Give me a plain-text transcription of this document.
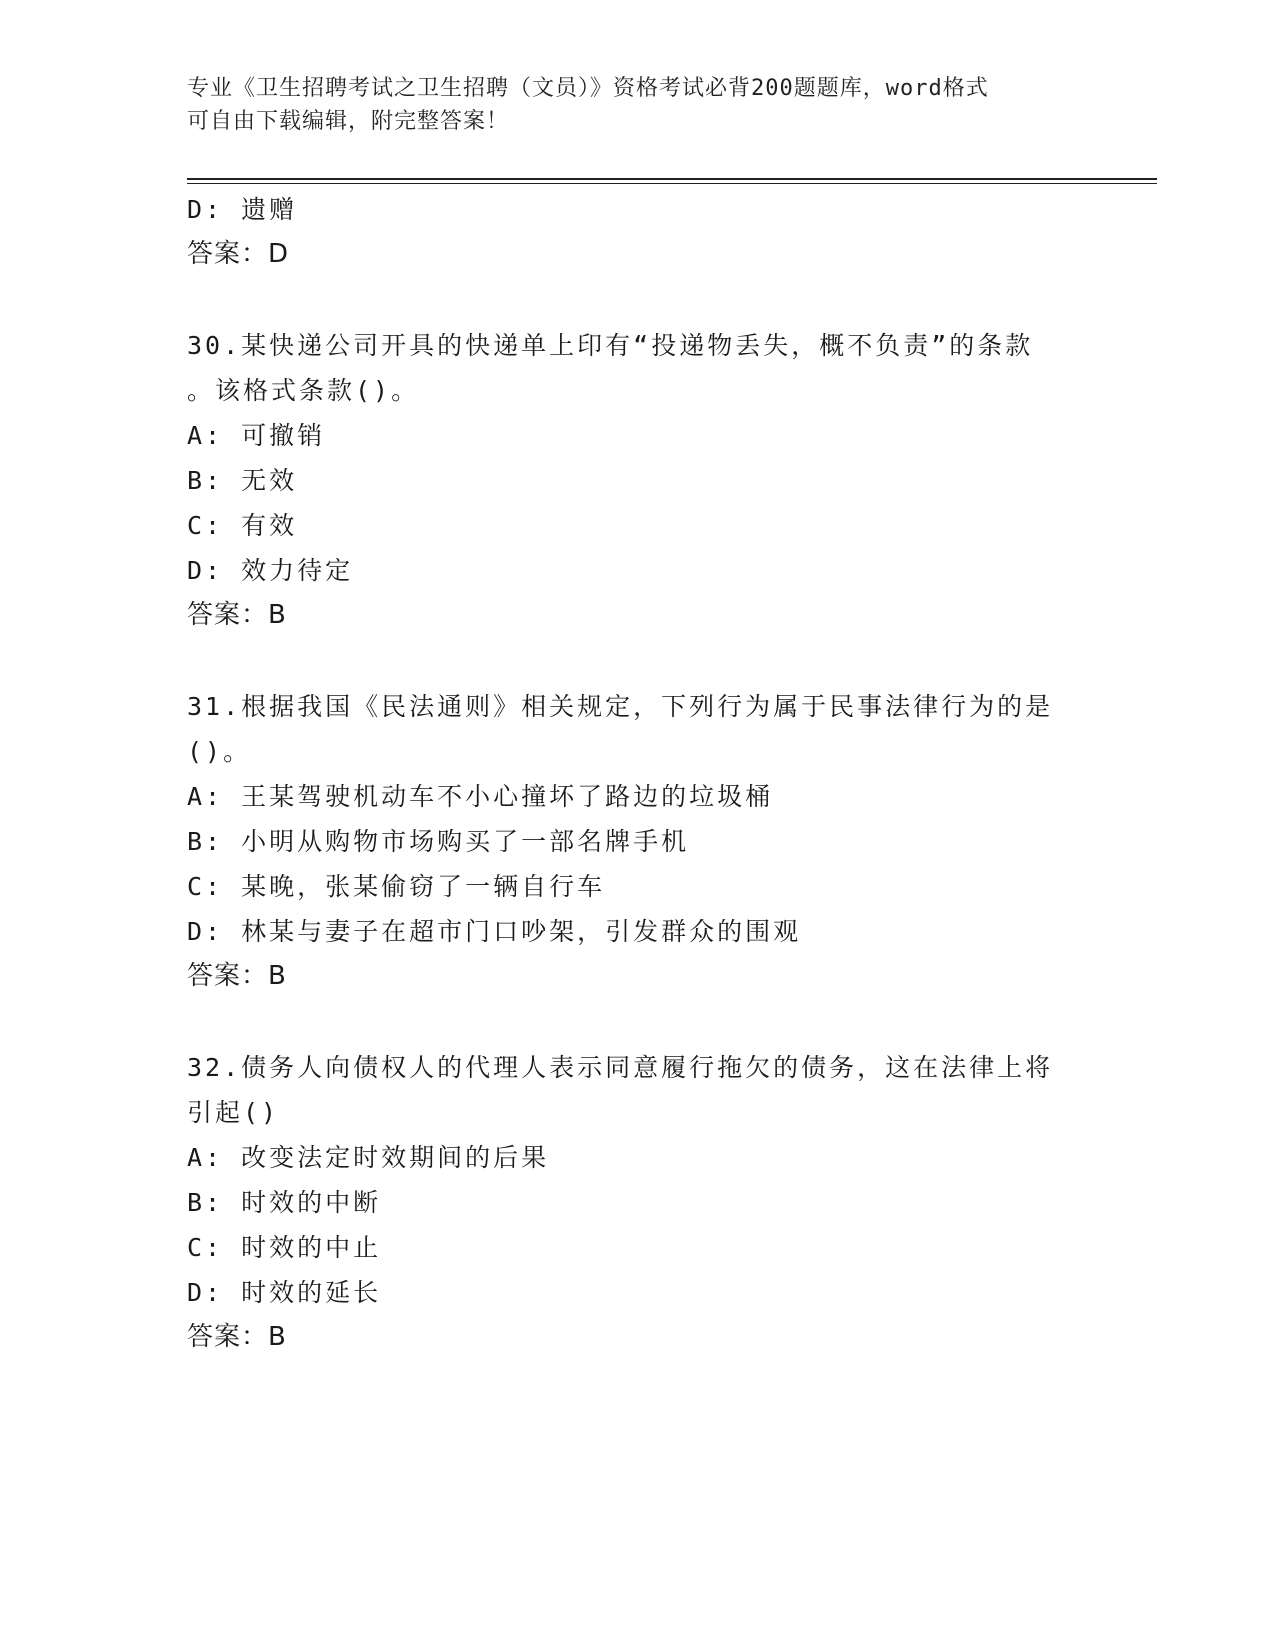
专业《卫生招聘考试之卫生招聘（文员）》资格考试必背200题题库，word格式
可自由下载编辑，附完整答案！
D: 遗赠
答案：D
30.某快递公司开具的快递单上印有“投递物丢失，概不负责”的条款
。该格式条款()。
A: 可撤销
B: 无效
C: 有效
D: 效力待定
答案：B
31.根据我国《民法通则》相关规定，下列行为属于民事法律行为的是
()。
A: 王某驾驶机动车不小心撞坏了路边的垃圾桶
B: 小明从购物市场购买了一部名牌手机
C: 某晚，张某偷窃了一辆自行车
D: 林某与妻子在超市门口吵架，引发群众的围观
答案：B
32.债务人向债权人的代理人表示同意履行拖欠的债务，这在法律上将
引起()
A: 改变法定时效期间的后果
B: 时效的中断
C: 时效的中止
D: 时效的延长
答案：B
